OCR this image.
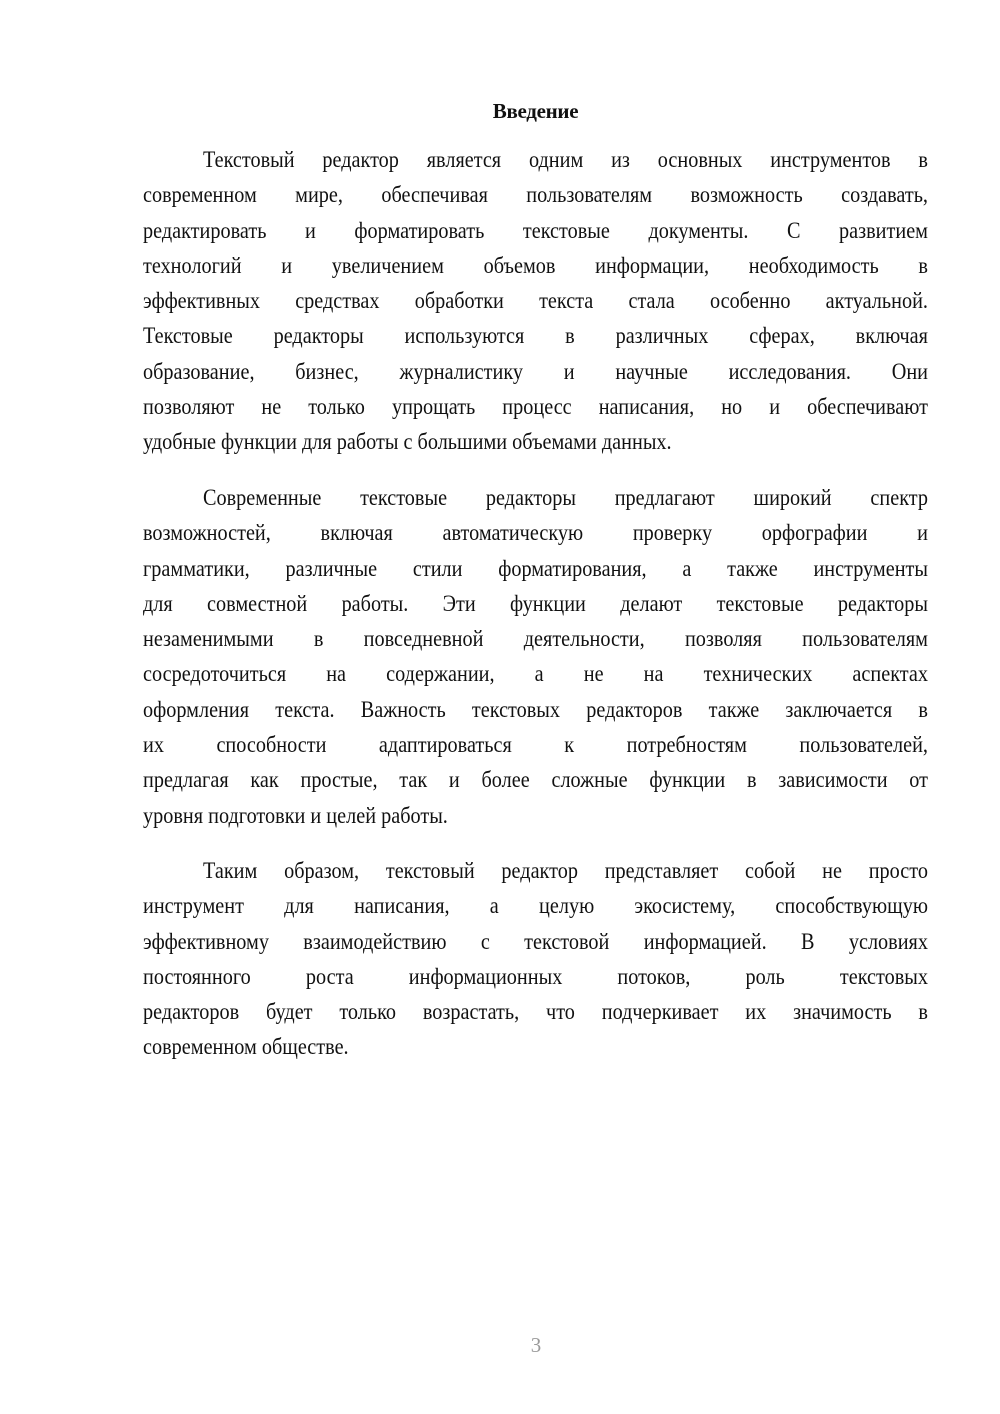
Введение
Текстовый редактор является одним из основных инструментов в
современном мире, обеспечивая пользователям возможность создавать,
редактировать и форматировать текстовые документы. С развитием
технологий и увеличением объемов информации, необходимость в
эффективных средствах обработки текста стала особенно актуальной.
Текстовые редакторы используются в различных сферах, включая
образование, бизнес, журналистику и научные исследования. Они
позволяют не только упрощать процесс написания, но и обеспечивают
удобные функции для работы с большими объемами данных.
Современные текстовые редакторы предлагают широкий спектр
возможностей, включая автоматическую проверку орфографии и
грамматики, различные стили форматирования, а также инструменты
для совместной работы. Эти функции делают текстовые редакторы
незаменимыми в повседневной деятельности, позволяя пользователям
сосредоточиться на содержании, а не на технических аспектах
оформления текста. Важность текстовых редакторов также заключается в
их способности адаптироваться к потребностям пользователей,
предлагая как простые, так и более сложные функции в зависимости от
уровня подготовки и целей работы.
Таким образом, текстовый редактор представляет собой не просто
инструмент для написания, а целую экосистему, способствующую
эффективному взаимодействию с текстовой информацией. В условиях
постоянного роста информационных потоков, роль текстовых
редакторов будет только возрастать, что подчеркивает их значимость в
современном обществе.
3
